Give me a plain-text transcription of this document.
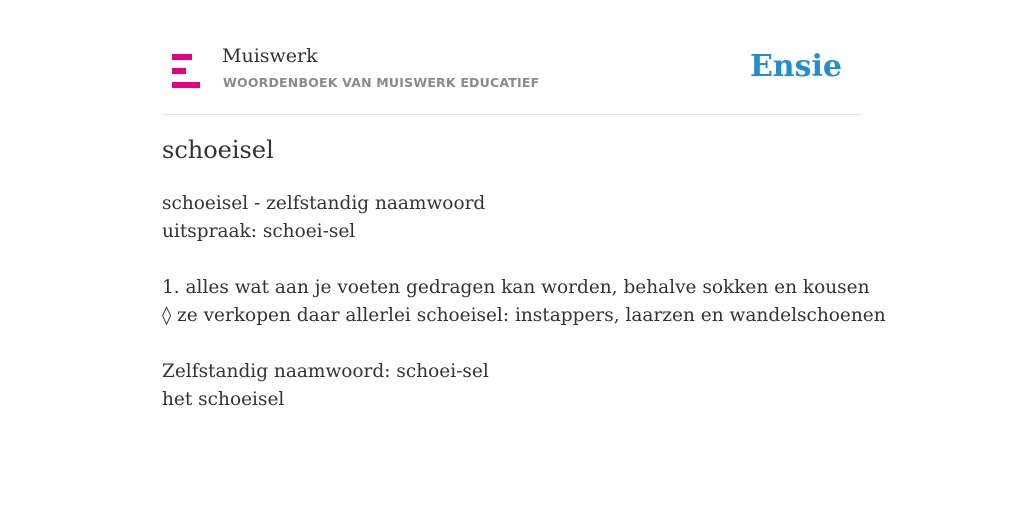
Muiswerk
WOORDENBOEK VAN MUISWERK EDUCATIEF	Ensie
schoeisel
schoeisel - zelfstandig naamwoord
uitspraak: schoei-sel
1. alles wat aan je voeten gedragen kan worden, behalve sokken en kousen
◊ ze verkopen daar allerlei schoeisel: instappers, laarzen en wandelschoenen
Zelfstandig naamwoord: schoei-sel
het schoeisel
